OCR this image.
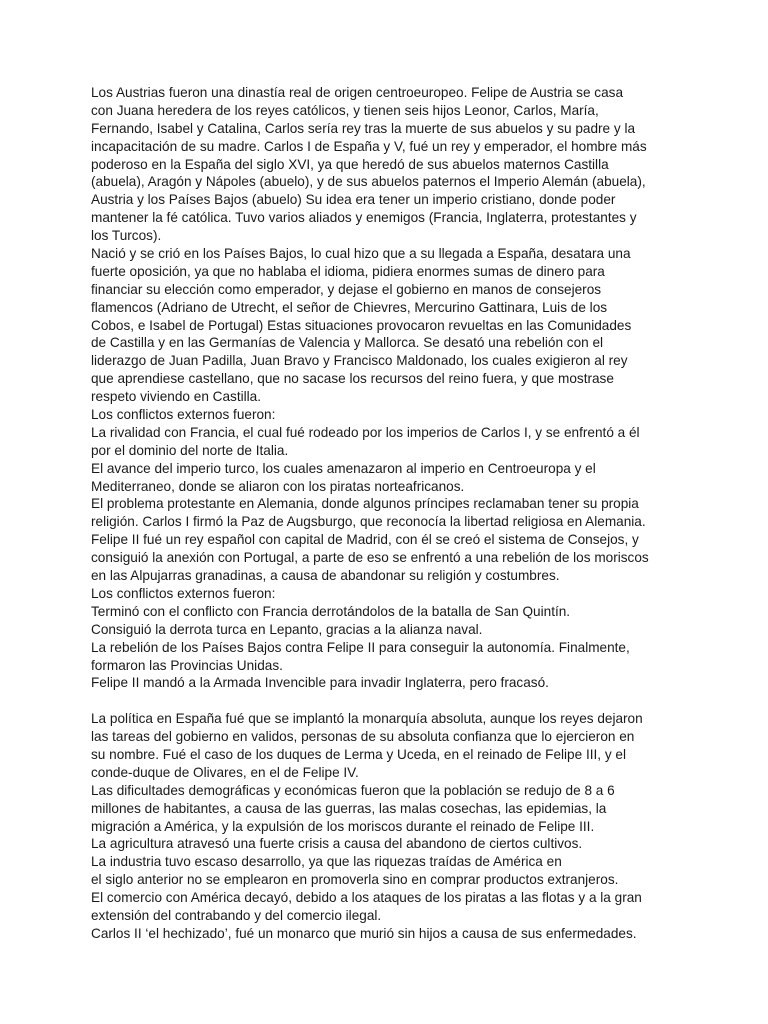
Los Austrias fueron una dinastía real de origen centroeuropeo. Felipe de Austria se casa
con Juana heredera de los reyes católicos, y tienen seis hijos Leonor, Carlos, María,
Fernando, Isabel y Catalina, Carlos sería rey tras la muerte de sus abuelos y su padre y la
incapacitación de su madre. Carlos I de España y V, fué un rey y emperador, el hombre más
poderoso en la España del siglo XVI, ya que heredó de sus abuelos maternos Castilla
(abuela), Aragón y Nápoles (abuelo), y de sus abuelos paternos el Imperio Alemán (abuela),
Austria y los Países Bajos (abuelo) Su idea era tener un imperio cristiano, donde poder
mantener la fé católica. Tuvo varios aliados y enemigos (Francia, Inglaterra, protestantes y
los Turcos).
Nació y se crió en los Países Bajos, lo cual hizo que a su llegada a España, desatara una
fuerte oposición, ya que no hablaba el idioma, pidiera enormes sumas de dinero para
financiar su elección como emperador, y dejase el gobierno en manos de consejeros
flamencos (Adriano de Utrecht, el señor de Chievres, Mercurino Gattinara, Luis de los
Cobos, e Isabel de Portugal) Estas situaciones provocaron revueltas en las Comunidades
de Castilla y en las Germanías de Valencia y Mallorca. Se desató una rebelión con el
liderazgo de Juan Padilla, Juan Bravo y Francisco Maldonado, los cuales exigieron al rey
que aprendiese castellano, que no sacase los recursos del reino fuera, y que mostrase
respeto viviendo en Castilla.
Los conflictos externos fueron:
La rivalidad con Francia, el cual fué rodeado por los imperios de Carlos I, y se enfrentó a él
por el dominio del norte de Italia.
El avance del imperio turco, los cuales amenazaron al imperio en Centroeuropa y el
Mediterraneo, donde se aliaron con los piratas norteafricanos.
El problema protestante en Alemania, donde algunos príncipes reclamaban tener su propia
religión. Carlos I firmó la Paz de Augsburgo, que reconocía la libertad religiosa en Alemania.
Felipe II fué un rey español con capital de Madrid, con él se creó el sistema de Consejos, y
consiguió la anexión con Portugal, a parte de eso se enfrentó a una rebelión de los moriscos
en las Alpujarras granadinas, a causa de abandonar su religión y costumbres.
Los conflictos externos fueron:
Terminó con el conflicto con Francia derrotándolos de la batalla de San Quintín.
Consiguió la derrota turca en Lepanto, gracias a la alianza naval.
La rebelión de los Países Bajos contra Felipe II para conseguir la autonomía. Finalmente,
formaron las Provincias Unidas.
Felipe II mandó a la Armada Invencible para invadir Inglaterra, pero fracasó.
La política en España fué que se implantó la monarquía absoluta, aunque los reyes dejaron
las tareas del gobierno en validos, personas de su absoluta confianza que lo ejercieron en
su nombre. Fué el caso de los duques de Lerma y Uceda, en el reinado de Felipe III, y el
conde-duque de Olivares, en el de Felipe IV.
Las dificultades demográficas y económicas fueron que la población se redujo de 8 a 6
millones de habitantes, a causa de las guerras, las malas cosechas, las epidemias, la
migración a América, y la expulsión de los moriscos durante el reinado de Felipe III.
La agricultura atravesó una fuerte crisis a causa del abandono de ciertos cultivos.
La industria tuvo escaso desarrollo, ya que las riquezas traídas de América en
el siglo anterior no se emplearon en promoverla sino en comprar productos extranjeros.
El comercio con América decayó, debido a los ataques de los piratas a las flotas y a la gran
extensión del contrabando y del comercio ilegal.
Carlos II ‘el hechizado’, fué un monarco que murió sin hijos a causa de sus enfermedades.
